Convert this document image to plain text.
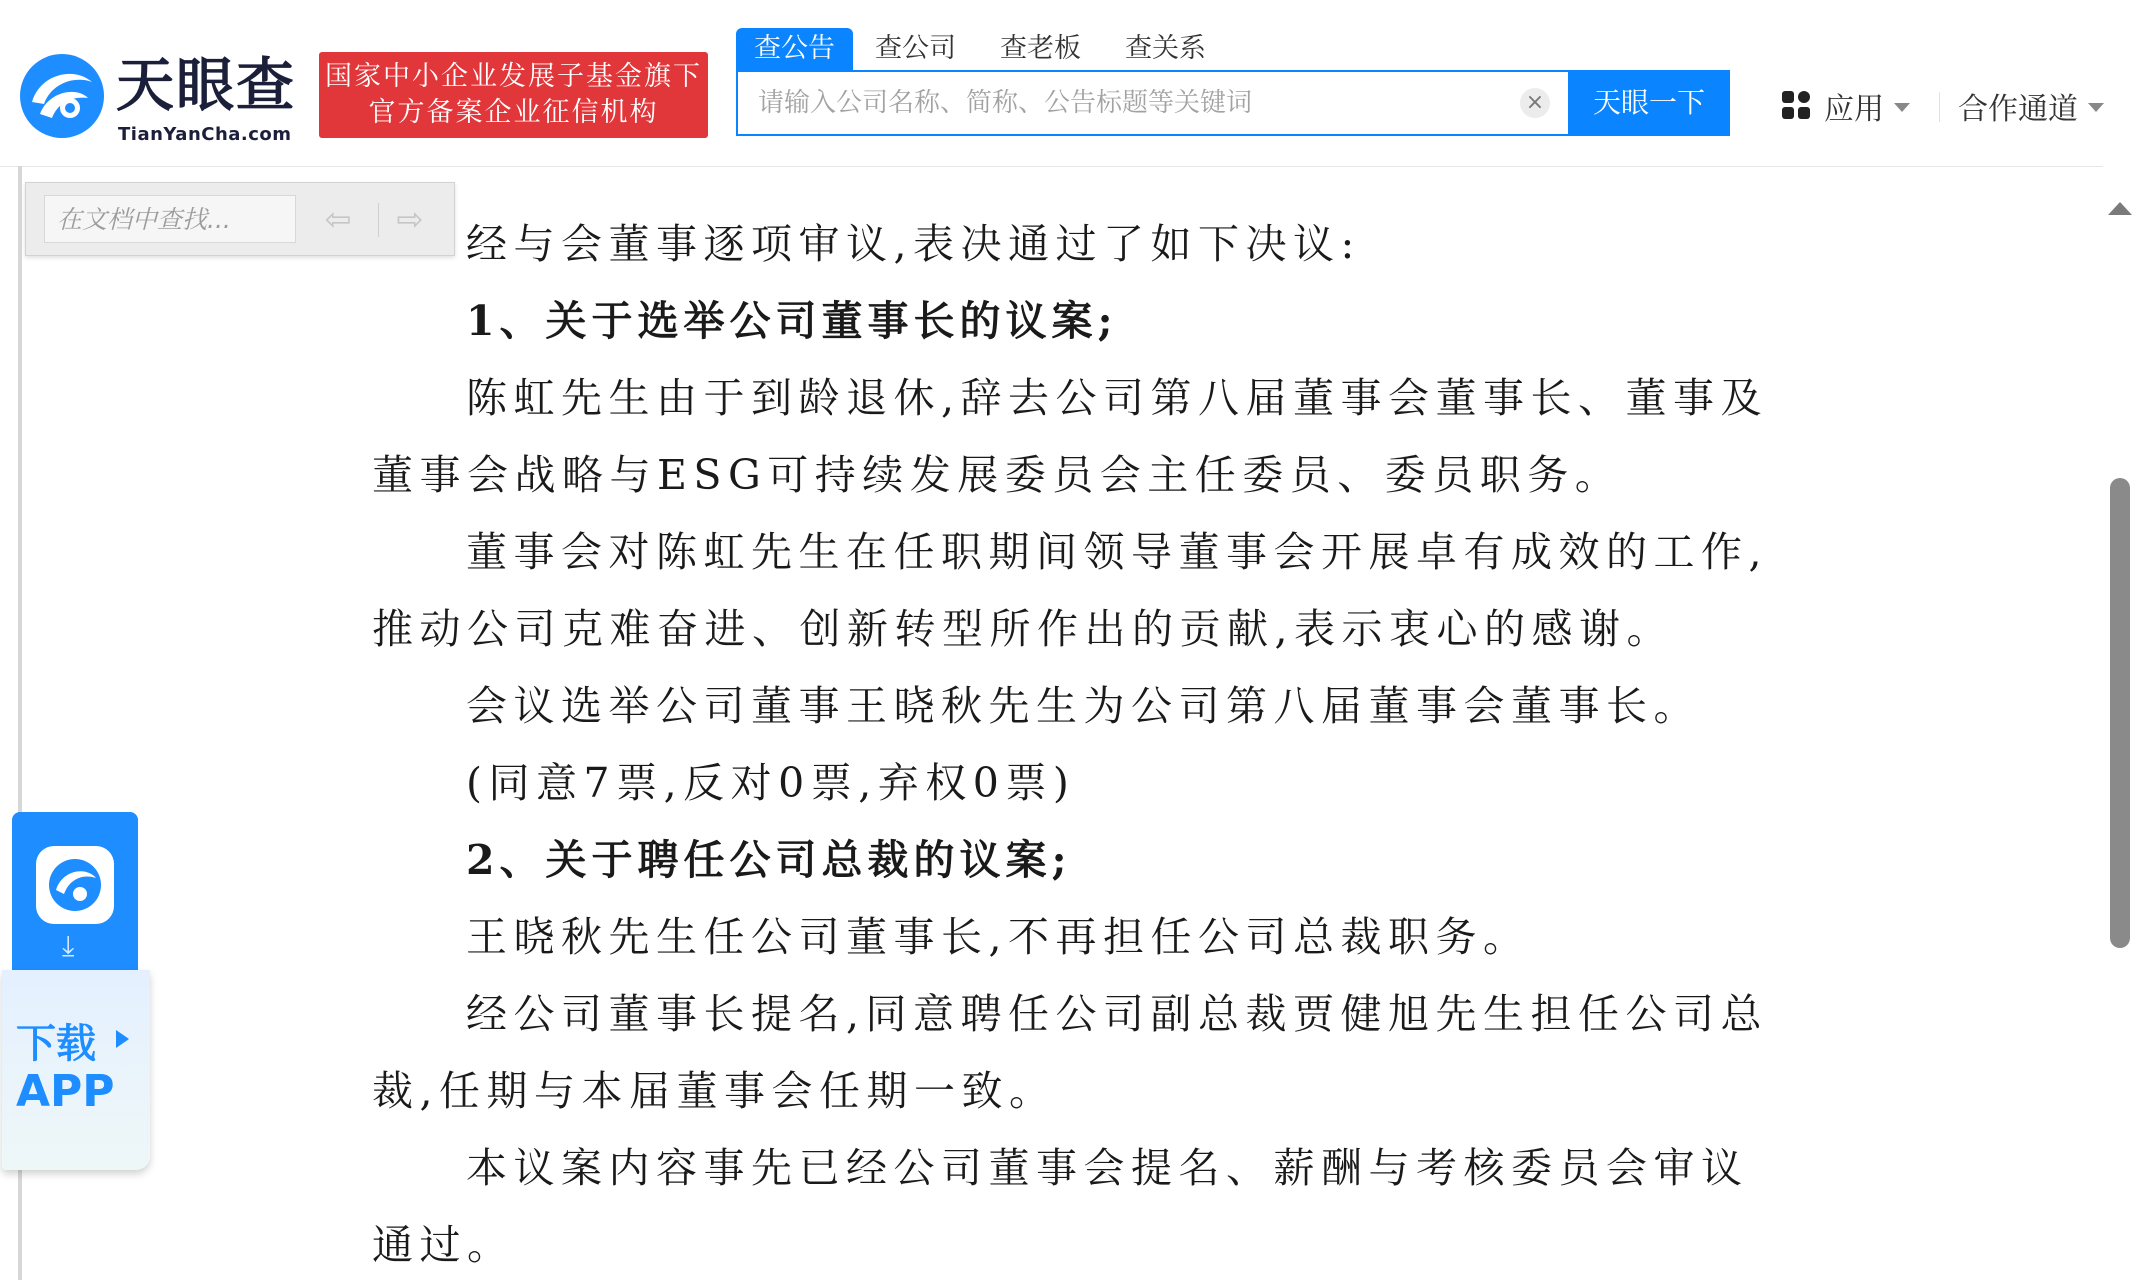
天眼查
TianYanCha.com
国家中小企业发展子基金旗下
官方备案企业征信机构
查公告	查公司	查老板	查关系
请输入公司名称、简称、公告标题等关键词
×	天眼一下	应用 合作通道
在文档中查找...
⇦ ⇨

经与会董事逐项审议,表决通过了如下决议:

1、关于选举公司董事长的议案;

陈虹先生由于到龄退休,辞去公司第八届董事会董事长、董事及董事会战略与ESG可持续发展委员会主任委员、委员职务。

董事会对陈虹先生在任职期间领导董事会开展卓有成效的工作,推动公司克难奋进、创新转型所作出的贡献,表示衷心的感谢。

会议选举公司董事王晓秋先生为公司第八届董事会董事长。

(同意7票,反对0票,弃权0票)

2、关于聘任公司总裁的议案;

王晓秋先生任公司董事长,不再担任公司总裁职务。

经公司董事长提名,同意聘任公司副总裁贾健旭先生担任公司总裁,任期与本届董事会任期一致。

本议案内容事先已经公司董事会提名、薪酬与考核委员会审议通过。

⤓
下载
APP
